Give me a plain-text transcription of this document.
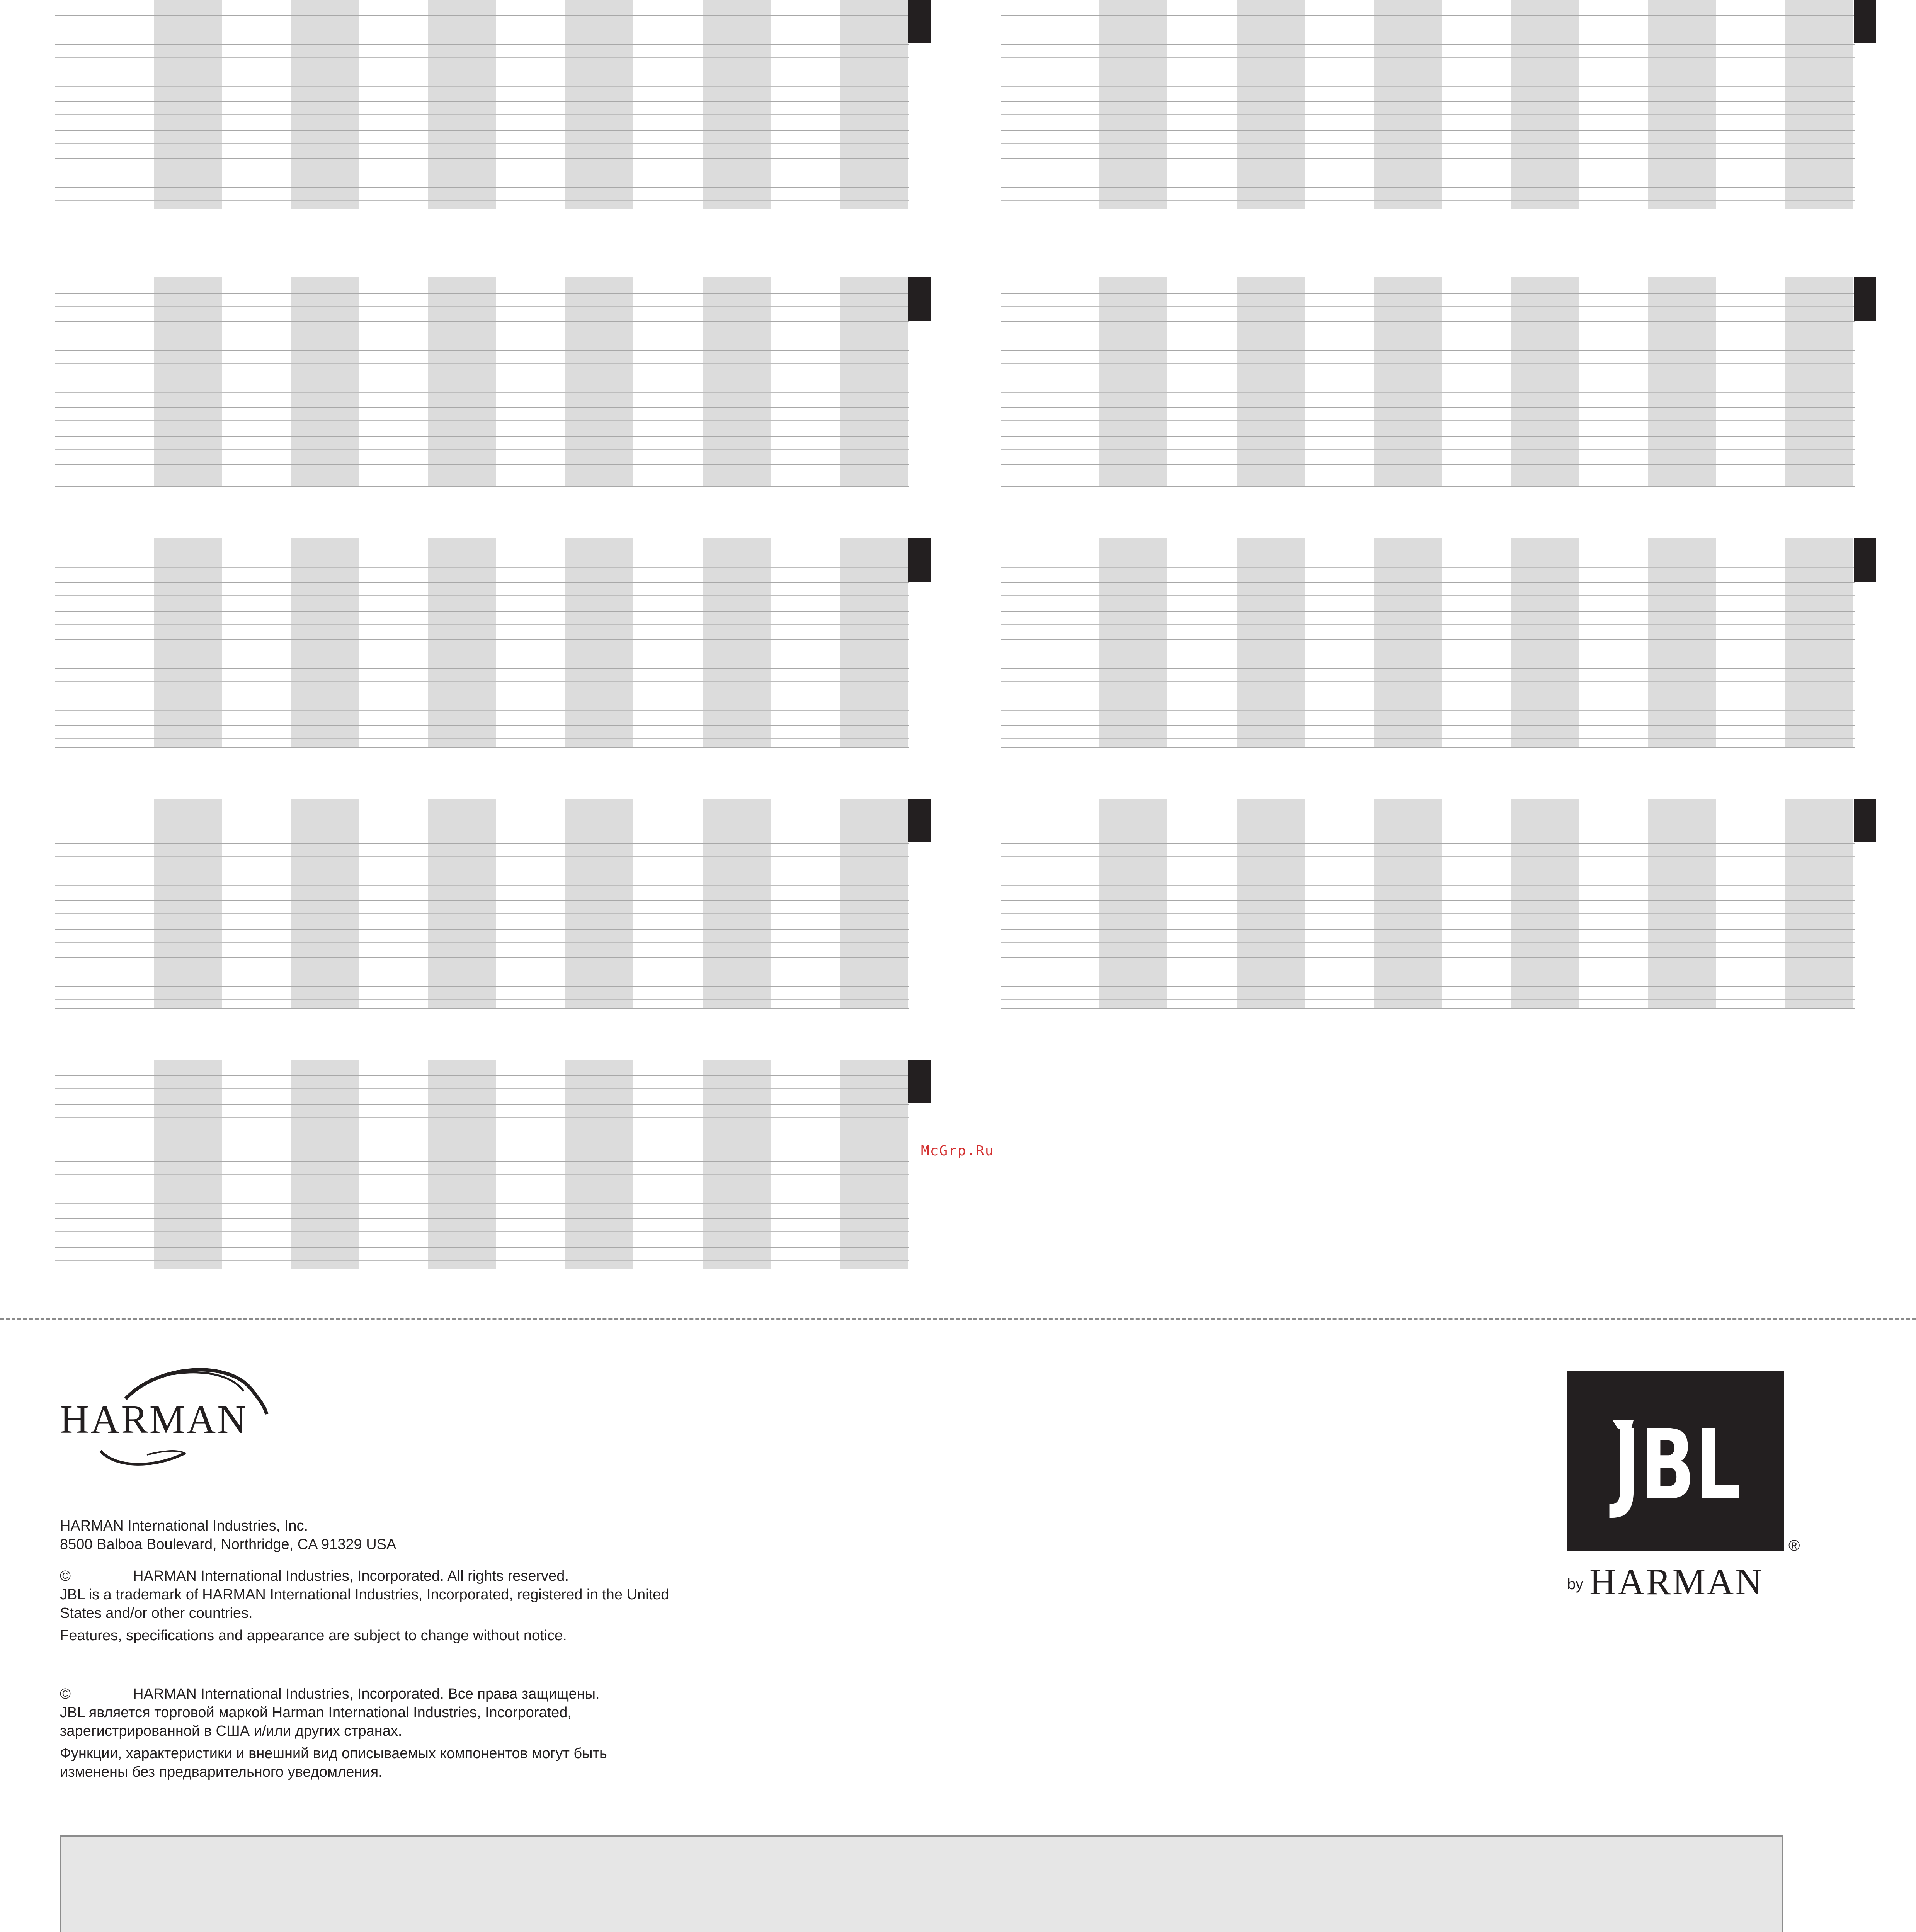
McGrp.Ru
HARMAN

HARMAN International Industries, Inc.

8500 Balboa Boulevard, Northridge, CA 91329 USA

©	HARMAN International Industries, Incorporated. All rights reserved.

JBL is a trademark of HARMAN International Industries, Incorporated, registered in the United States and/or other countries.

Features, specifications and appearance are subject to change without notice.

©	HARMAN International Industries, Incorporated. Все права защищены.

JBL является торговой маркой Harman International Industries, Incorporated, зарегистрированной в США и/или других странах.

Функции, характеристики и внешний вид описываемых компонентов могут быть изменены без предварительного уведомления.

JBL
®
by HARMAN
